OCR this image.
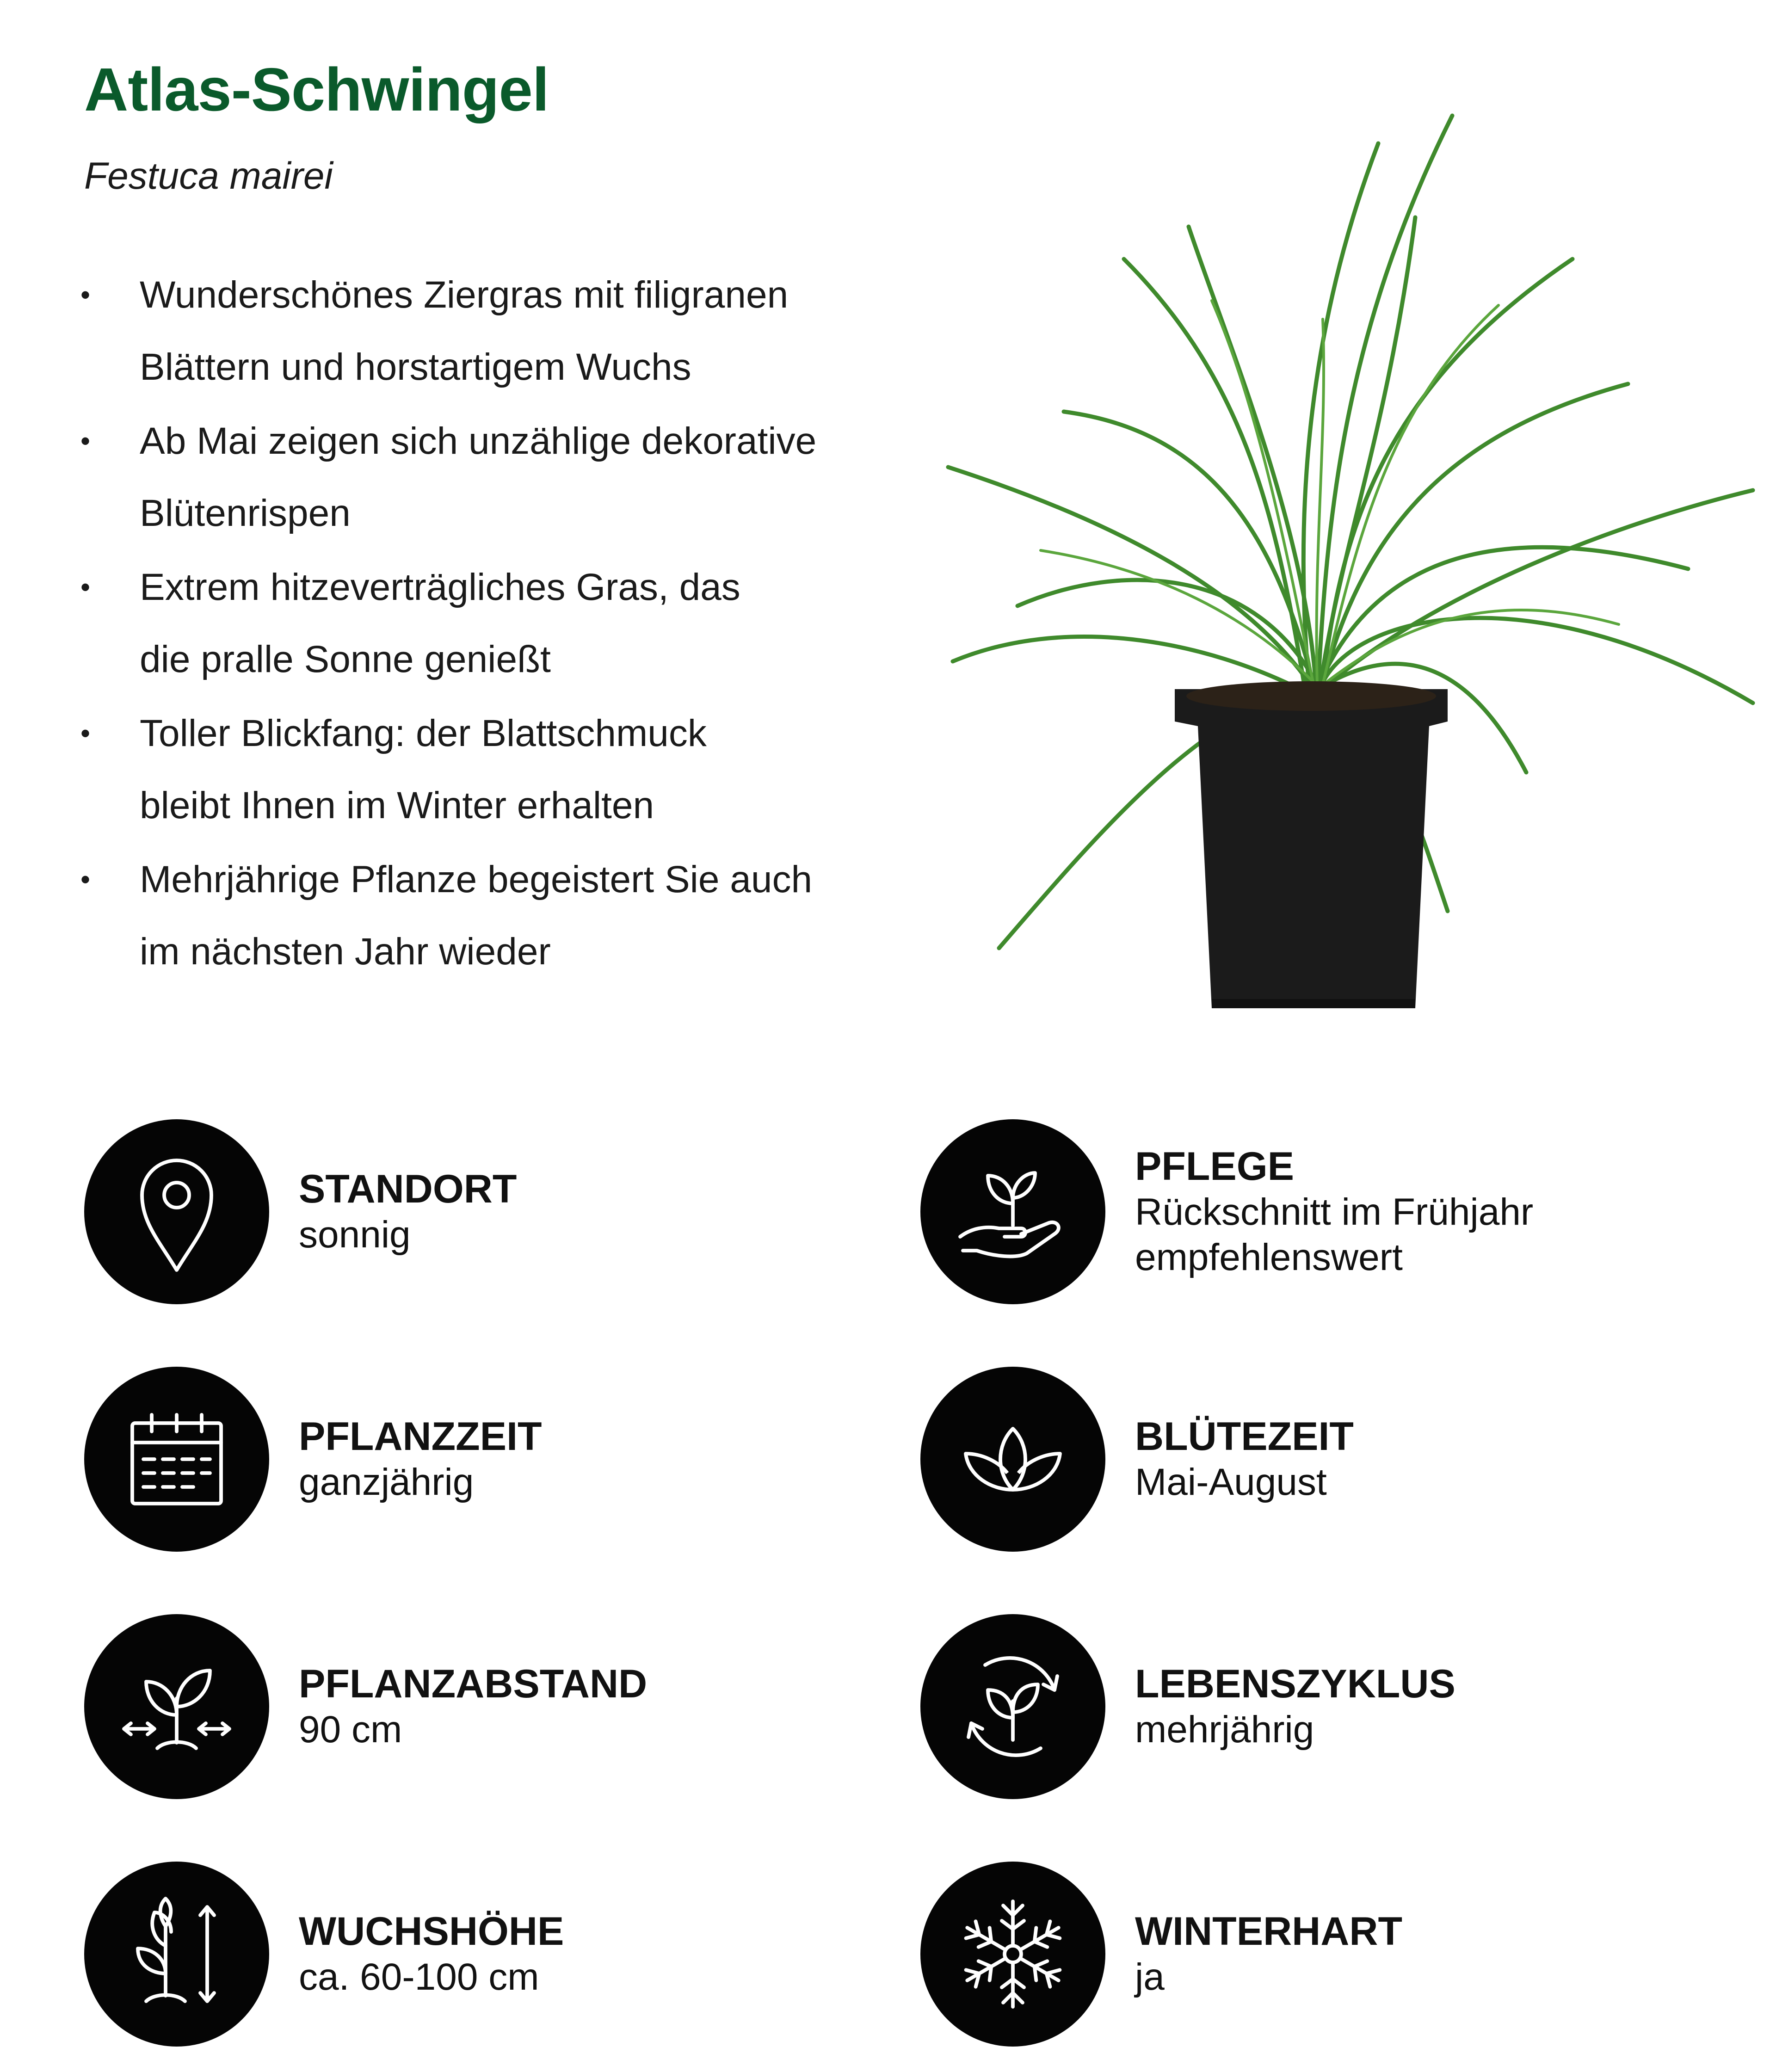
Atlas-Schwingel
Festuca mairei
• Wunderschönes Ziergras mit filigranen
Blättern und horstartigem Wuchs
• Ab Mai zeigen sich unzählige dekorative
Blütenrispen
• Extrem hitzeverträgliches Gras, das
die pralle Sonne genießt
• Toller Blickfang: der Blattschmuck
bleibt Ihnen im Winter erhalten
• Mehrjährige Pflanze begeistert Sie auch
im nächsten Jahr wieder
STANDORT
sonnig
PFLEGE
Rückschnitt im Frühjahr
empfehlenswert
PFLANZZEIT
ganzjährig
BLÜTEZEIT
Mai-August
PFLANZABSTAND
90 cm
LEBENSZYKLUS
mehrjährig
WUCHSHÖHE
ca. 60-100 cm
WINTERHART
ja
